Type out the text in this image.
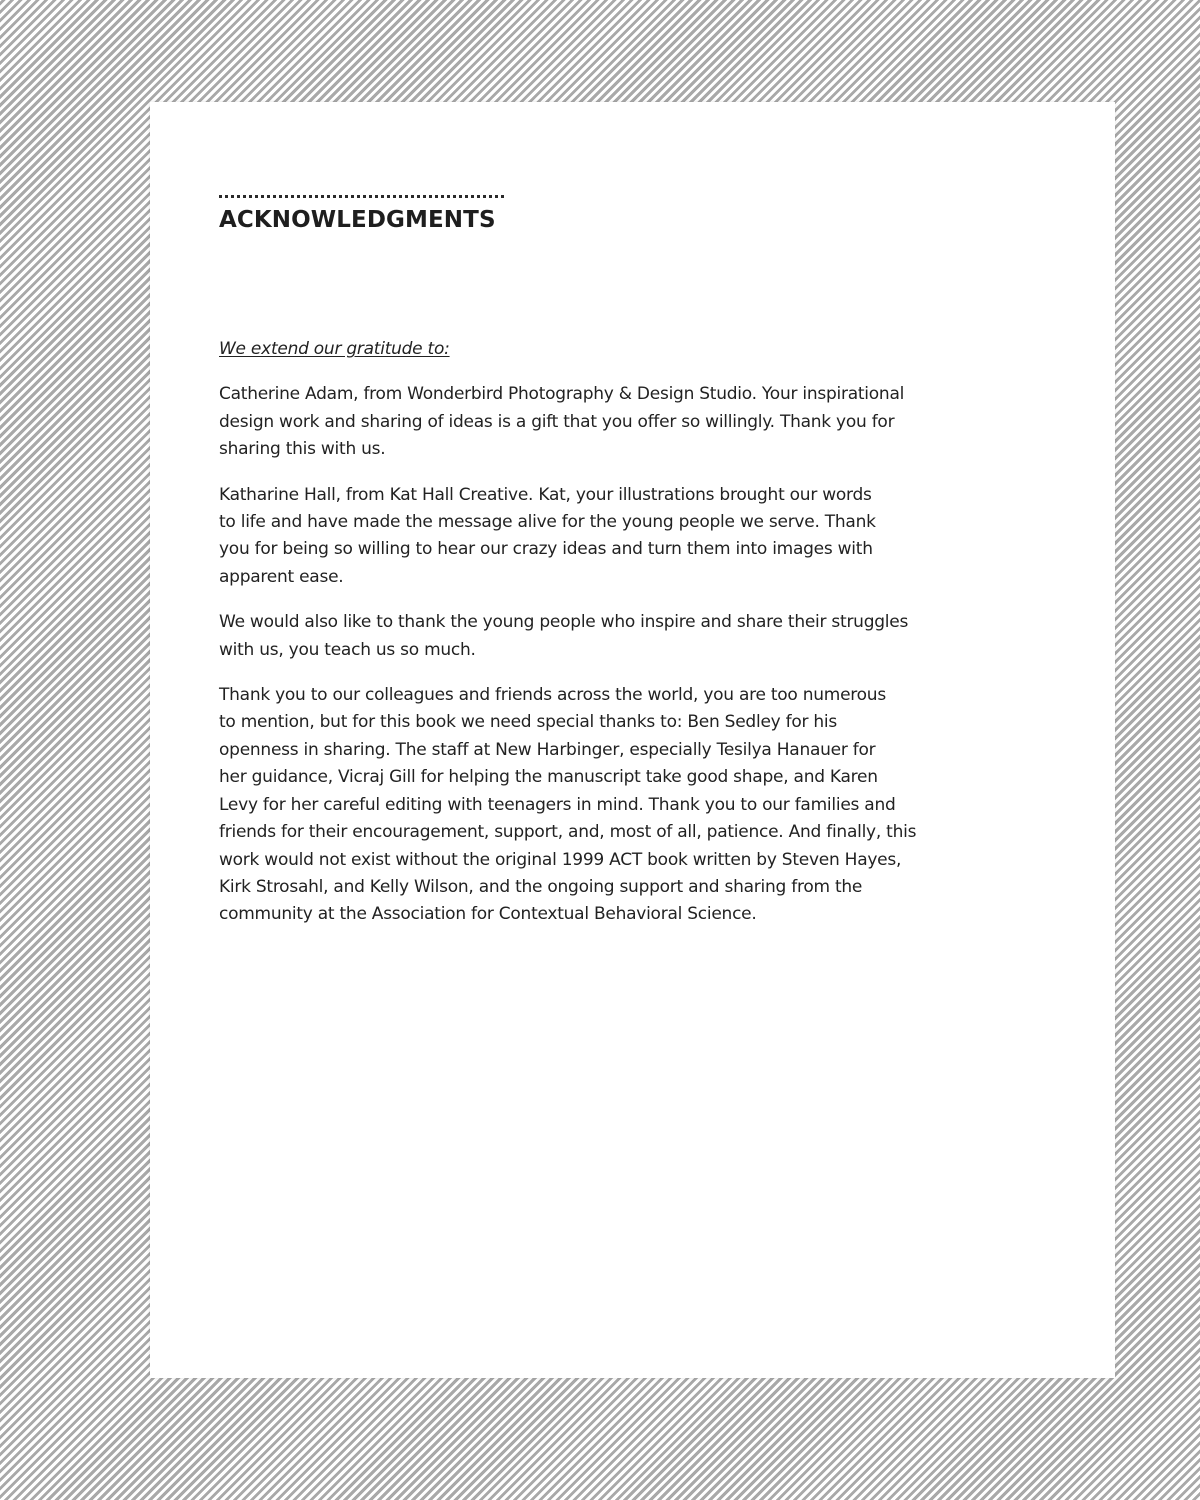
ACKNOWLEDGMENTS

We extend our gratitude to:

Catherine Adam, from Wonderbird Photography & Design Studio. Your inspirational
design work and sharing of ideas is a gift that you offer so willingly. Thank you for
sharing this with us.

Katharine Hall, from Kat Hall Creative. Kat, your illustrations brought our words
to life and have made the message alive for the young people we serve. Thank
you for being so willing to hear our crazy ideas and turn them into images with
apparent ease.

We would also like to thank the young people who inspire and share their struggles
with us, you teach us so much.

Thank you to our colleagues and friends across the world, you are too numerous
to mention, but for this book we need special thanks to: Ben Sedley for his
openness in sharing. The staff at New Harbinger, especially Tesilya Hanauer for
her guidance, Vicraj Gill for helping the manuscript take good shape, and Karen
Levy for her careful editing with teenagers in mind. Thank you to our families and
friends for their encouragement, support, and, most of all, patience. And finally, this
work would not exist without the original 1999 ACT book written by Steven Hayes,
Kirk Strosahl, and Kelly Wilson, and the ongoing support and sharing from the
community at the Association for Contextual Behavioral Science.
